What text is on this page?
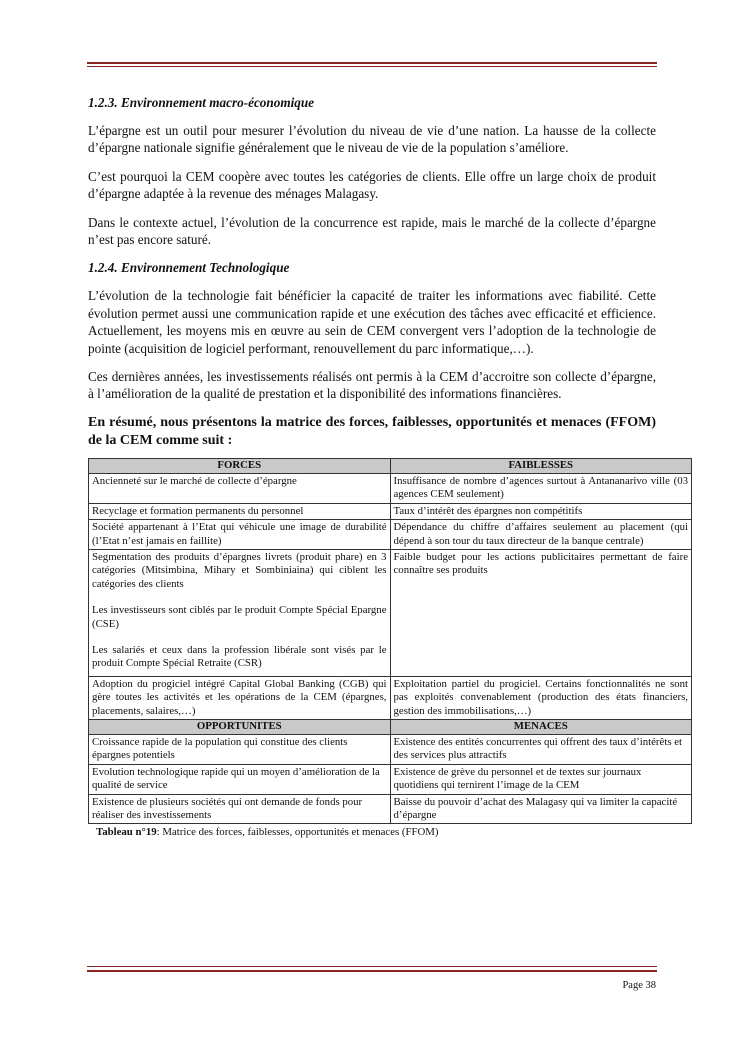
1.2.3. Environnement macro-économique

L’épargne est un outil pour mesurer l’évolution du niveau de vie d’une nation. La hausse de la collecte d’épargne nationale signifie généralement que le niveau de vie de la population s’améliore.

C’est pourquoi la CEM coopère avec toutes les catégories de clients. Elle offre un large choix de produit d’épargne adaptée à la revenue des ménages Malagasy.

Dans le contexte actuel, l’évolution de la concurrence est rapide, mais le marché de la collecte d’épargne n’est pas encore saturé.

1.2.4. Environnement Technologique

L’évolution de la technologie fait bénéficier la capacité de traiter les informations avec fiabilité. Cette évolution permet aussi une communication rapide et une exécution des tâches avec efficacité et efficience. Actuellement, les moyens mis en œuvre au sein de CEM convergent vers l’adoption de la technologie de pointe (acquisition de logiciel performant, renouvellement du parc informatique,…).

Ces dernières années, les investissements réalisés ont permis à la CEM d’accroitre son collecte d’épargne, à l’amélioration de la qualité de prestation et la disponibilité des informations financières.

En résumé, nous présentons la matrice des forces, faiblesses, opportunités et menaces (FFOM) de la CEM comme suit :

FORCES	FAIBLESSES
Ancienneté sur le marché de collecte d’épargne	Insuffisance de nombre d’agences surtout à Antananarivo ville (03 agences CEM seulement)
Recyclage et formation permanents du personnel	Taux d’intérêt des épargnes non compétitifs
Société appartenant à l’Etat qui véhicule une image de durabilité (l’Etat n’est jamais en faillite)	Dépendance du chiffre d’affaires seulement au placement (qui dépend à son tour du taux directeur de la banque centrale)

Segmentation des produits d’épargnes livrets (produit phare) en 3 catégories (Mitsimbina, Mihary et Sombiniaina) qui ciblent les catégories des clients
Les investisseurs sont ciblés par le produit Compte Spécial Epargne (CSE)
Les salariés et ceux dans la profession libérale sont visés par le produit Compte Spécial Retraite (CSR)	Faible budget pour les actions publicitaires permettant de faire connaître ses produits
Adoption du progiciel intégré Capital Global Banking (CGB) qui gère toutes les activités et les opérations de la CEM (épargnes, placements, salaires,…)	Exploitation partiel du progiciel. Certains fonctionnalités ne sont pas exploités convenablement (production des états financiers, gestion des immobilisations,…)
OPPORTUNITES	MENACES
Croissance rapide de la population qui constitue des clients épargnes potentiels	Existence des entités concurrentes qui offrent des taux d’intérêts et des services plus attractifs
Evolution technologique rapide qui un moyen d’amélioration de la qualité de service	Existence de grève du personnel et de textes sur journaux quotidiens qui ternirent l’image de la CEM
Existence de plusieurs sociétés qui ont demande de fonds pour réaliser des investissements	Baisse du pouvoir d’achat des Malagasy qui va limiter la capacité d’épargne
Tableau n°19: Matrice des forces, faiblesses, opportunités et menaces (FFOM)
Page 38
